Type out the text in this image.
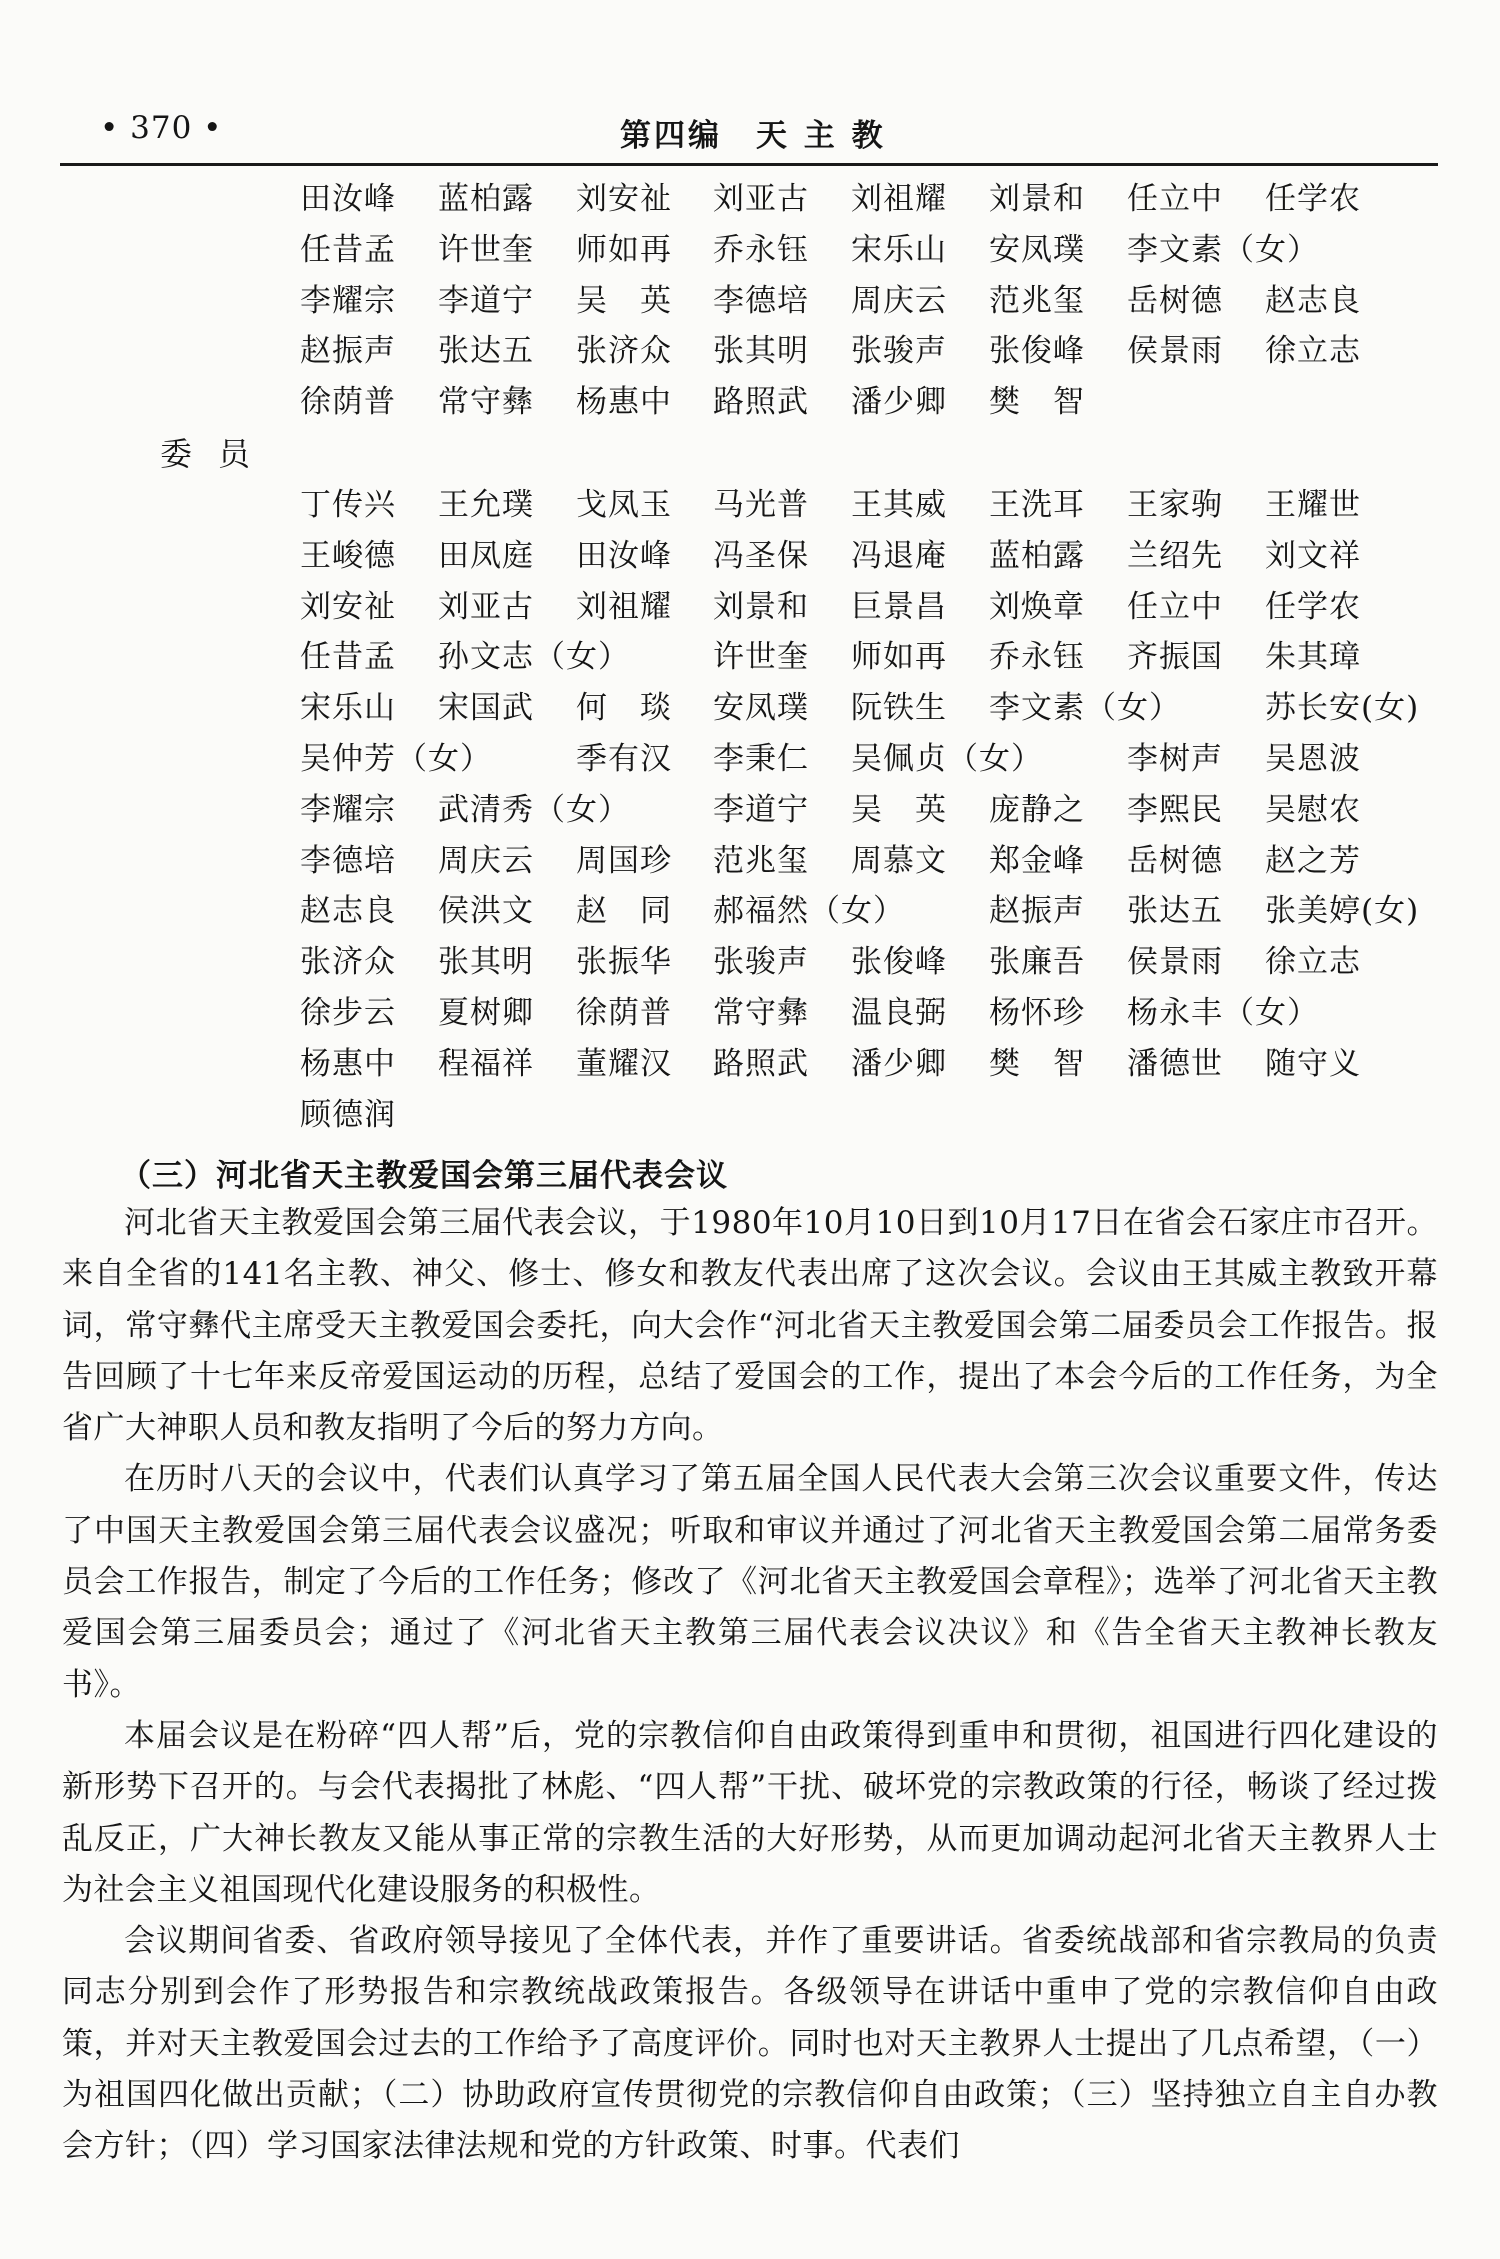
• 370 •	第四编　天 主 教
田汝峰 蓝柏露 刘安祉 刘亚古 刘祖耀 刘景和 任立中 任学农
任昔孟 许世奎 师如再 乔永钰 宋乐山 安凤璞 李文素（女）
李耀宗 李道宁 吴　英 李德培 周庆云 范兆玺 岳树德 赵志良
赵振声 张达五 张济众 张其明 张骏声 张俊峰 侯景雨 徐立志
徐荫普 常守彝 杨惠中 路照武 潘少卿 樊　智
丁传兴 王允璞 戈凤玉 马光普 王其威 王洗耳 王家驹 王耀世
王峻德 田凤庭 田汝峰 冯圣保 冯退庵 蓝柏露 兰绍先 刘文祥
刘安祉 刘亚古 刘祖耀 刘景和 巨景昌 刘焕章 任立中 任学农
任昔孟 孙文志（女）	许世奎 师如再 乔永钰 齐振国 朱其璋
宋乐山 宋国武 何　琰 安凤璞 阮铁生 李文素（女）	苏长安(女)
吴仲芳（女）	季有汉 李秉仁 吴佩贞（女）	李树声 吴恩波
李耀宗 武清秀（女）	李道宁 吴　英 庞静之 李熙民 吴慰农
李德培 周庆云 周国珍 范兆玺 周慕文 郑金峰 岳树德 赵之芳
赵志良 侯洪文 赵　同 郝福然（女）	赵振声 张达五 张美婷(女)
张济众 张其明 张振华 张骏声 张俊峰 张廉吾 侯景雨 徐立志
徐步云 夏树卿 徐荫普 常守彝 温良弼 杨怀珍 杨永丰（女）
杨惠中 程福祥 董耀汉 路照武 潘少卿 樊　智 潘德世 随守义
顾德润
委员
（三）河北省天主教爱国会第三届代表会议

河北省天主教爱国会第三届代表会议，于1980年10月10日到10月17日在省会石家庄市召开。来自全省的141名主教、神父、修士、修女和教友代表出席了这次会议。会议由王其威主教致开幕词，常守彝代主席受天主教爱国会委托，向大会作“河北省天主教爱国会第二届委员会工作报告。报告回顾了十七年来反帝爱国运动的历程，总结了爱国会的工作，提出了本会今后的工作任务，为全省广大神职人员和教友指明了今后的努力方向。

在历时八天的会议中，代表们认真学习了第五届全国人民代表大会第三次会议重要文件，传达了中国天主教爱国会第三届代表会议盛况；听取和审议并通过了河北省天主教爱国会第二届常务委员会工作报告，制定了今后的工作任务；修改了《河北省天主教爱国会章程》；选举了河北省天主教爱国会第三届委员会；通过了《河北省天主教第三届代表会议决议》和《告全省天主教神长教友书》。

本届会议是在粉碎“四人帮”后，党的宗教信仰自由政策得到重申和贯彻，祖国进行四化建设的新形势下召开的。与会代表揭批了林彪、“四人帮”干扰、破坏党的宗教政策的行径，畅谈了经过拨乱反正，广大神长教友又能从事正常的宗教生活的大好形势，从而更加调动起河北省天主教界人士为社会主义祖国现代化建设服务的积极性。

会议期间省委、省政府领导接见了全体代表，并作了重要讲话。省委统战部和省宗教局的负责同志分别到会作了形势报告和宗教统战政策报告。各级领导在讲话中重申了党的宗教信仰自由政策，并对天主教爱国会过去的工作给予了高度评价。同时也对天主教界人士提出了几点希望，（一）为祖国四化做出贡献；（二）协助政府宣传贯彻党的宗教信仰自由政策；（三）坚持独立自主自办教会方针；（四）学习国家法律法规和党的方针政策、时事。代表们
